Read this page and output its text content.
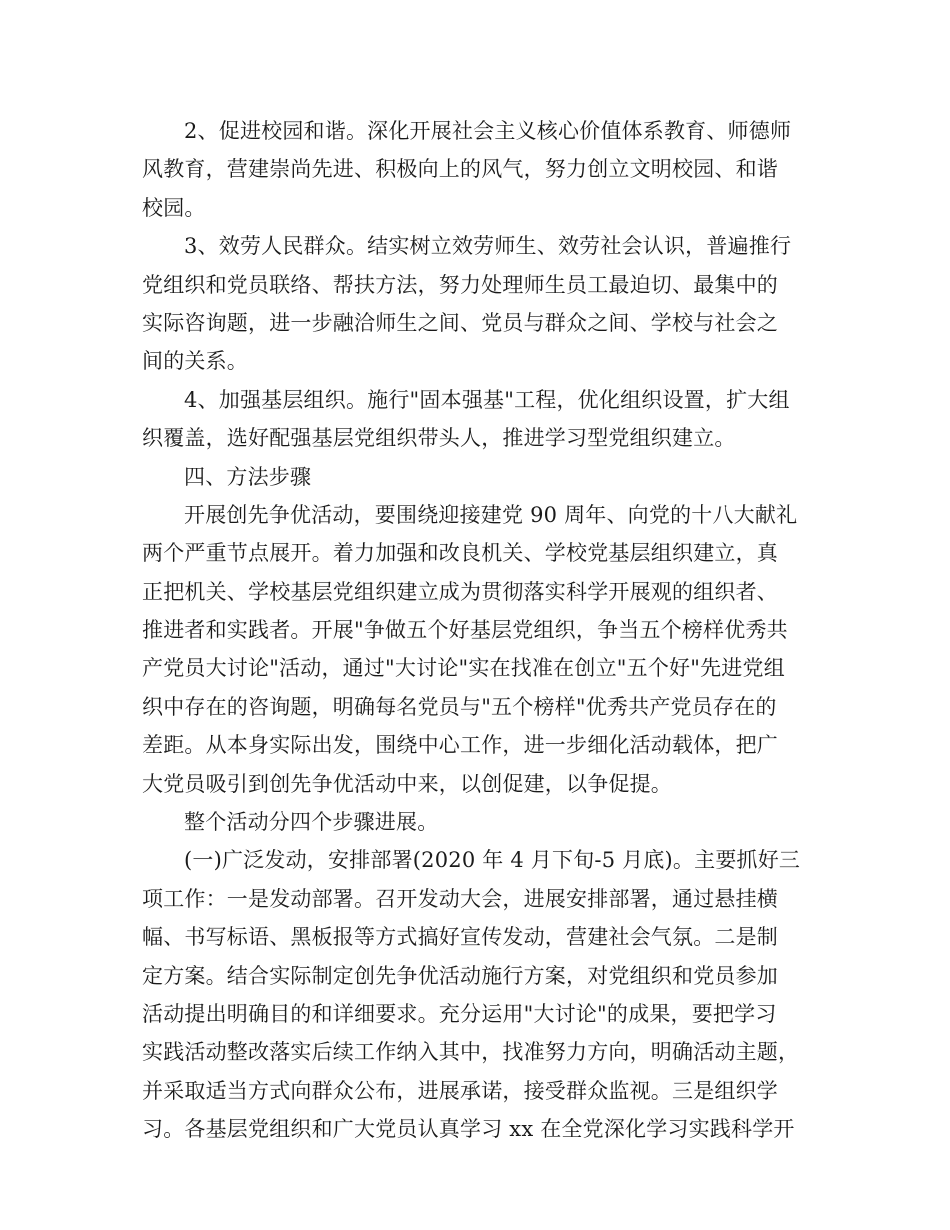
2、促进校园和谐。深化开展社会主义核心价值体系教育、师德师
风教育，营建崇尚先进、积极向上的风气，努力创立文明校园、和谐
校园。
3、效劳人民群众。结实树立效劳师生、效劳社会认识，普遍推行
党组织和党员联络、帮扶方法，努力处理师生员工最迫切、最集中的
实际咨询题，进一步融洽师生之间、党员与群众之间、学校与社会之
间的关系。
4、加强基层组织。施行"固本强基"工程，优化组织设置，扩大组
织覆盖，选好配强基层党组织带头人，推进学习型党组织建立。
四、方法步骤
开展创先争优活动，要围绕迎接建党 90 周年、向党的十八大献礼
两个严重节点展开。着力加强和改良机关、学校党基层组织建立，真
正把机关、学校基层党组织建立成为贯彻落实科学开展观的组织者、
推进者和实践者。开展"争做五个好基层党组织，争当五个榜样优秀共
产党员大讨论"活动，通过"大讨论"实在找准在创立"五个好"先进党组
织中存在的咨询题，明确每名党员与"五个榜样"优秀共产党员存在的
差距。从本身实际出发，围绕中心工作，进一步细化活动载体，把广
大党员吸引到创先争优活动中来，以创促建，以争促提。
整个活动分四个步骤进展。
(一)广泛发动，安排部署(2020 年 4 月下旬-5 月底)。主要抓好三
项工作：一是发动部署。召开发动大会，进展安排部署，通过悬挂横
幅、书写标语、黑板报等方式搞好宣传发动，营建社会气氛。二是制
定方案。结合实际制定创先争优活动施行方案，对党组织和党员参加
活动提出明确目的和详细要求。充分运用"大讨论"的成果，要把学习
实践活动整改落实后续工作纳入其中，找准努力方向，明确活动主题，
并采取适当方式向群众公布，进展承诺，接受群众监视。三是组织学
习。各基层党组织和广大党员认真学习 xx 在全党深化学习实践科学开
